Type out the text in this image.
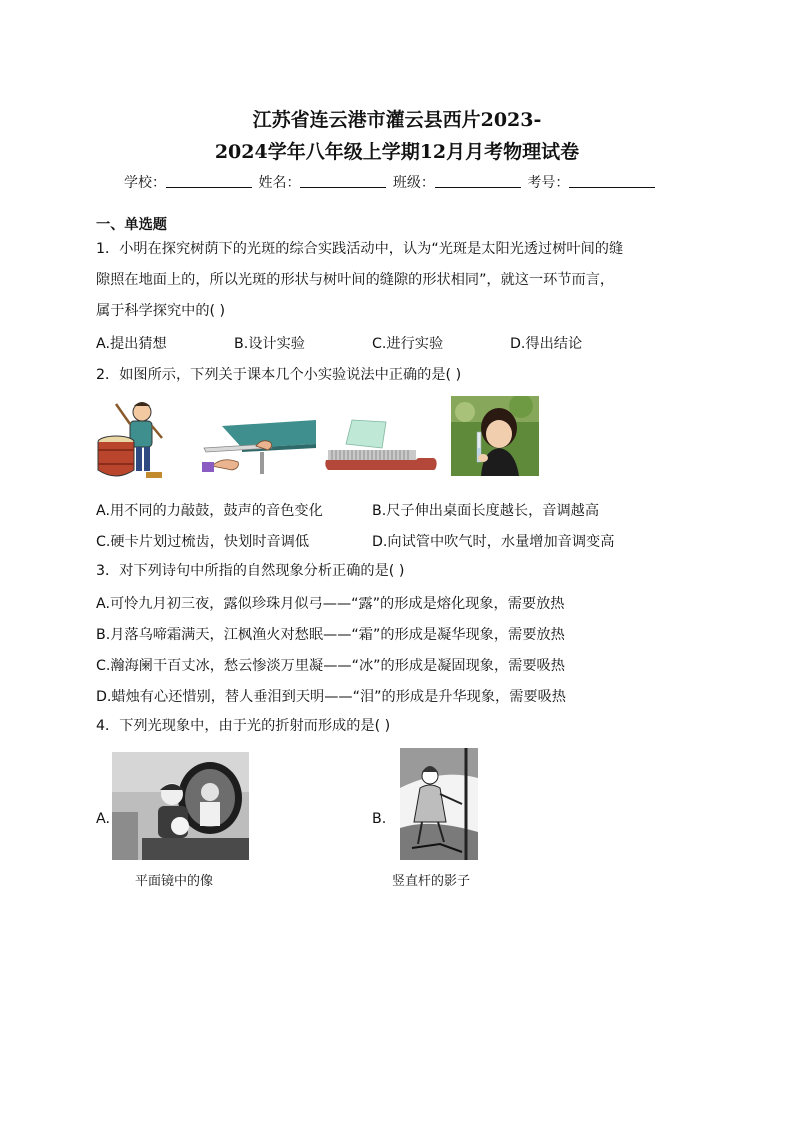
江苏省连云港市灌云县西片2023-
2024学年八年级上学期12月月考物理试卷
学校：	姓名：	班级：	考号：
一、单选题
1．小明在探究树荫下的光斑的综合实践活动中，认为“光斑是太阳光透过树叶间的缝
隙照在地面上的，所以光斑的形状与树叶间的缝隙的形状相同”，就这一环节而言，
属于科学探究中的( )
A.提出猜想	B.设计实验	C.进行实验	D.得出结论
2．如图所示，下列关于课本几个小实验说法中正确的是( )
A.用不同的力敲鼓，鼓声的音色变化	B.尺子伸出桌面长度越长，音调越高
C.硬卡片划过梳齿，快划时音调低	D.向试管中吹气时，水量增加音调变高
3．对下列诗句中所指的自然现象分析正确的是( )
A.可怜九月初三夜，露似珍珠月似弓——“露”的形成是熔化现象，需要放热
B.月落乌啼霜满天，江枫渔火对愁眠——“霜”的形成是凝华现象，需要放热
C.瀚海阑干百丈冰，愁云惨淡万里凝——“冰”的形成是凝固现象，需要吸热
D.蜡烛有心还惜别，替人垂泪到天明——“泪”的形成是升华现象，需要吸热
4．下列光现象中，由于光的折射而形成的是( )
A.
平面镜中的像
B.
竖直杆的影子
